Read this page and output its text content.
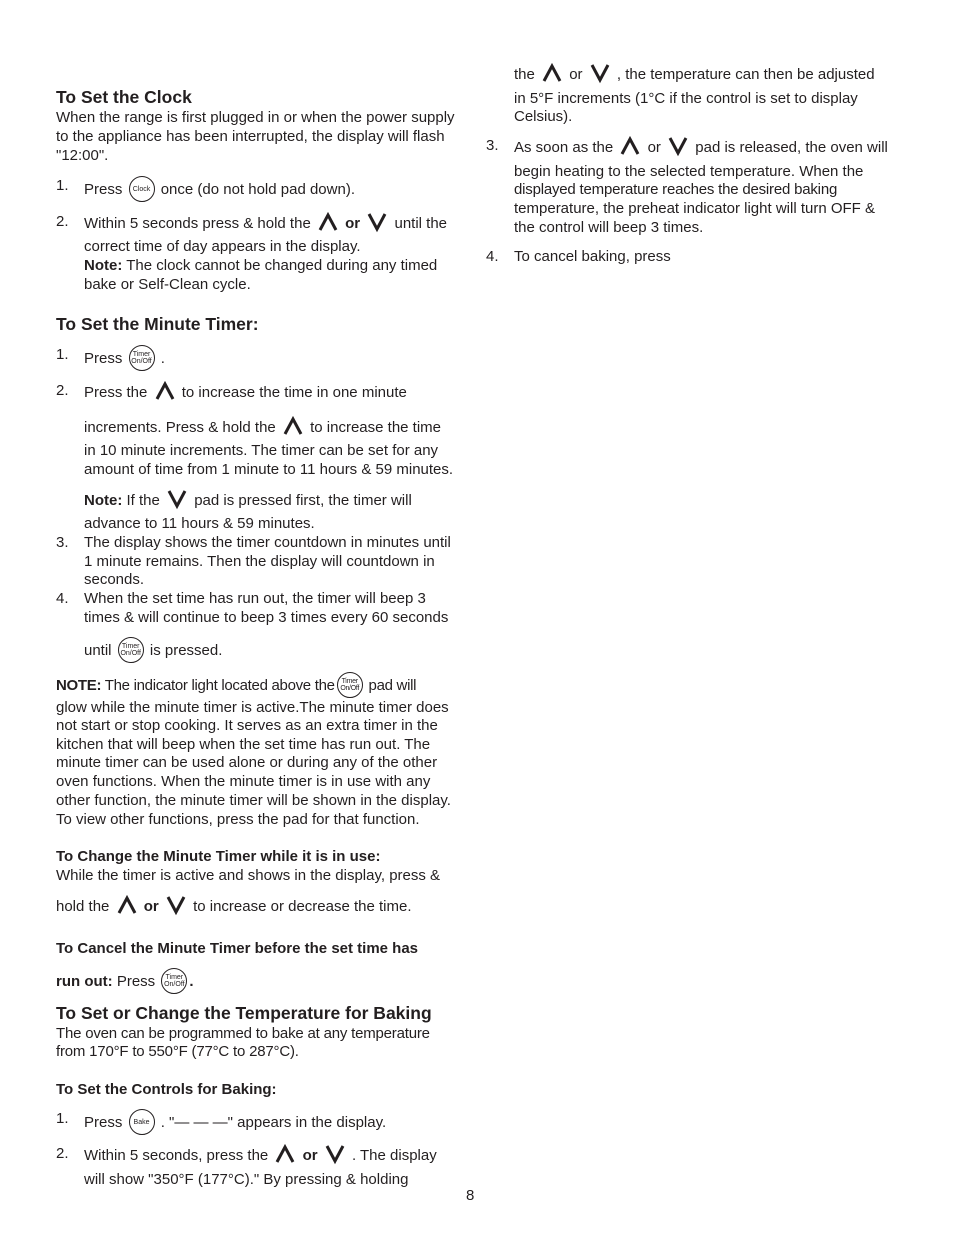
To Set the Clock
When the range is first plugged in or when the power supply
to the appliance has been interrupted, the display will flash
"12:00".
1. Press	Clock once (do not hold pad down).
2. Within 5 seconds press & hold the or until the
correct time of day appears in the display.
Note: The clock cannot be changed during any timed
bake or Self-Clean cycle.
To Set the Minute Timer:
1. Press	Timer
On/Off .
2. Press the to increase the time in one minute
increments. Press & hold the to increase the time
in 10 minute increments. The timer can be set for any
amount of time from 1 minute to 11 hours & 59 minutes.
Note: If the pad is pressed first, the timer will
advance to 11 hours & 59 minutes.
3. The display shows the timer countdown in minutes until
1 minute remains. Then the display will countdown in
seconds.
4. When the set time has run out, the timer will beep 3
times & will continue to beep 3 times every 60 seconds
until	Timer
On/Off is pressed.
NOTE: The indicator light located above the Timer
On/Off pad will
glow while the minute timer is active.The minute timer does
not start or stop cooking. It serves as an extra timer in the
kitchen that will beep when the set time has run out. The
minute timer can be used alone or during any of the other
oven functions. When the minute timer is in use with any
other function, the minute timer will be shown in the display.
To view other functions, press the pad for that function.
To Change the Minute Timer while it is in use:
While the timer is active and shows in the display, press &
hold the or to increase or decrease the time.
To Cancel the Minute Timer before the set time has
run out: Press	Timer
On/Off .
To Set or Change the Temperature for Baking
The oven can be programmed to bake at any temperature
from 170°F to 550°F (77°C to 287°C).
To Set the Controls for Baking:
1. Press	Bake . "— — —" appears in the display.
2. Within 5 seconds, press the or . The display
will show "350°F (177°C)." By pressing & holding
the or , the temperature can then be adjusted
in 5°F increments (1°C if the control is set to display
Celsius).
3. As soon as the or pad is released, the oven will
begin heating to the selected temperature. When the
displayed temperature reaches the desired baking
temperature, the preheat indicator light will turn OFF &
the control will beep 3 times.
4. To cancel baking, press
8
